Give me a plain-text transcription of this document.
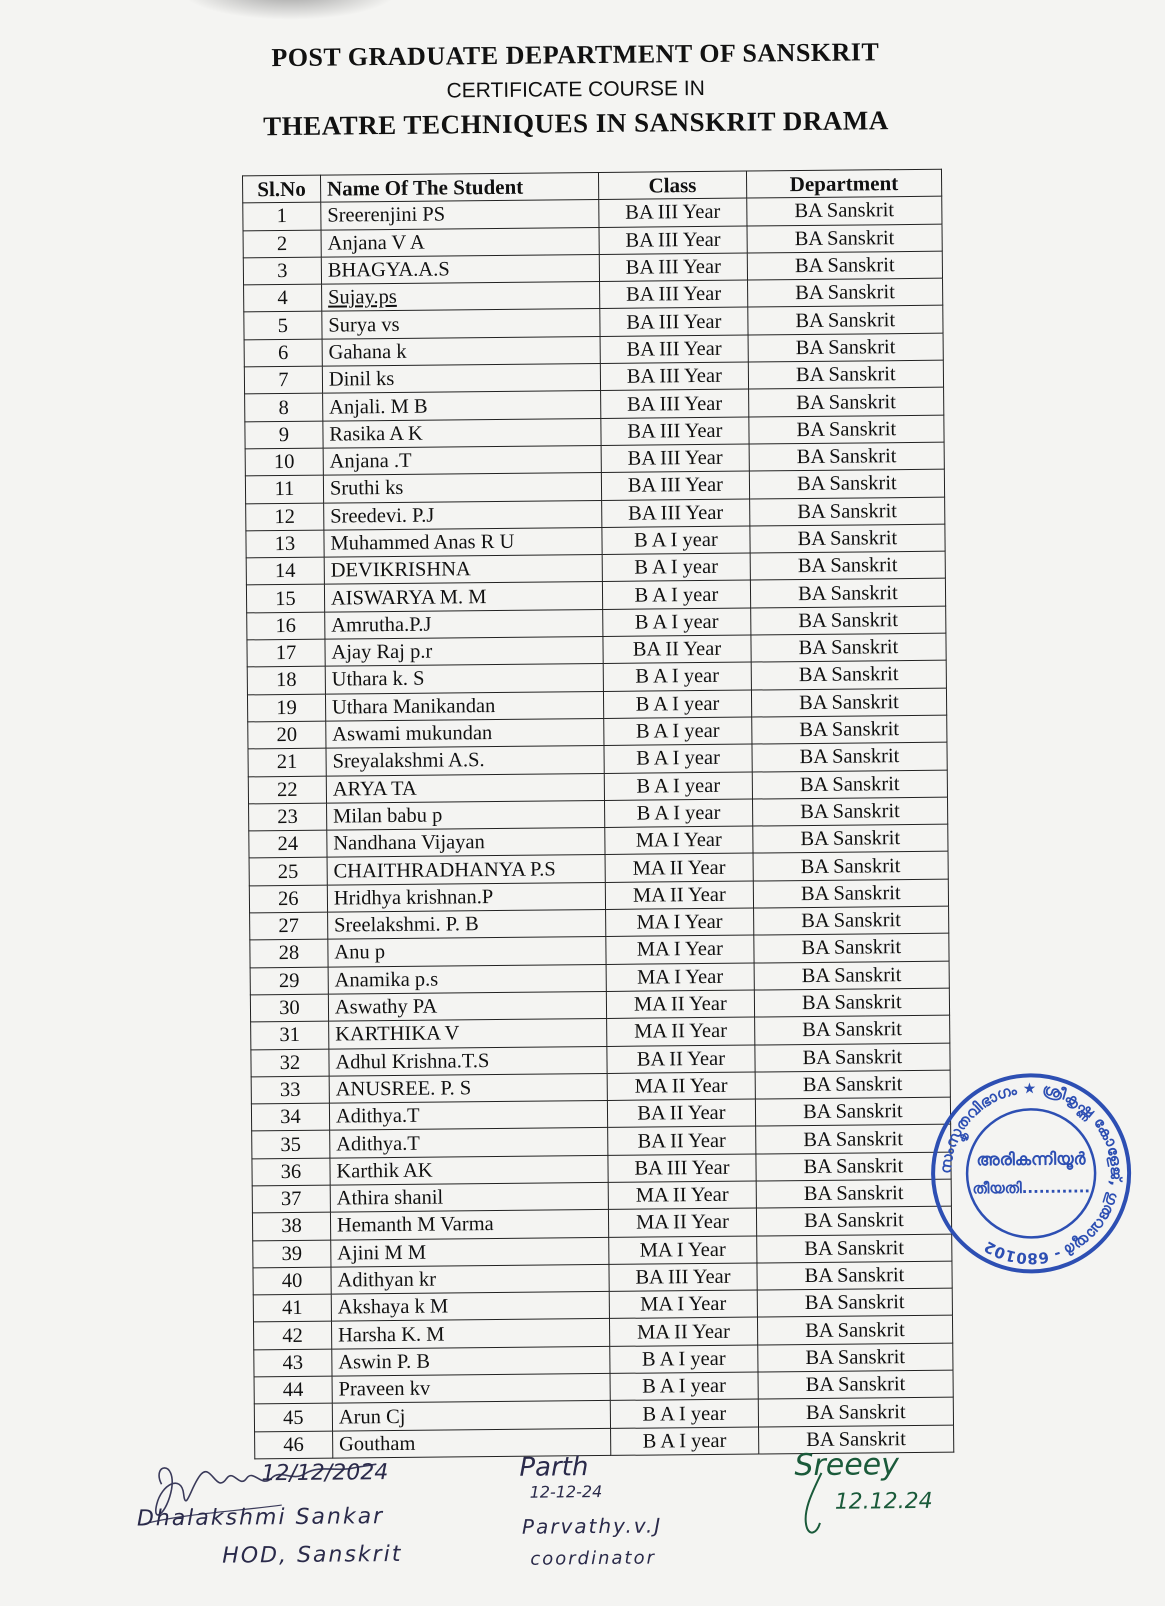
POST GRADUATE DEPARTMENT OF SANSKRIT
CERTIFICATE COURSE IN
THEATRE TECHNIQUES IN SANSKRIT DRAMA
Sl.No	Name Of The Student	Class	Department
1	Sreerenjini PS	BA III Year	BA Sanskrit
2	Anjana V A	BA III Year	BA Sanskrit
3	BHAGYA.A.S	BA III Year	BA Sanskrit
4	Sujay.ps	BA III Year	BA Sanskrit
5	Surya vs	BA III Year	BA Sanskrit
6	Gahana k	BA III Year	BA Sanskrit
7	Dinil ks	BA III Year	BA Sanskrit
8	Anjali. M B	BA III Year	BA Sanskrit
9	Rasika A K	BA III Year	BA Sanskrit
10	Anjana .T	BA III Year	BA Sanskrit
11	Sruthi ks	BA III Year	BA Sanskrit
12	Sreedevi. P.J	BA III Year	BA Sanskrit
13	Muhammed Anas R U	B A I year	BA Sanskrit
14	DEVIKRISHNA	B A I year	BA Sanskrit
15	AISWARYA M. M	B A I year	BA Sanskrit
16	Amrutha.P.J	B A I year	BA Sanskrit
17	Ajay Raj p.r	BA II Year	BA Sanskrit
18	Uthara k. S	B A I year	BA Sanskrit
19	Uthara Manikandan	B A I year	BA Sanskrit
20	Aswami mukundan	B A I year	BA Sanskrit
21	Sreyalakshmi A.S.	B A I year	BA Sanskrit
22	ARYA TA	B A I year	BA Sanskrit
23	Milan babu p	B A I year	BA Sanskrit
24	Nandhana Vijayan	MA I Year	BA Sanskrit
25	CHAITHRADHANYA P.S	MA II Year	BA Sanskrit
26	Hridhya krishnan.P	MA II Year	BA Sanskrit
27	Sreelakshmi. P. B	MA I Year	BA Sanskrit
28	Anu p	MA I Year	BA Sanskrit
29	Anamika p.s	MA I Year	BA Sanskrit
30	Aswathy PA	MA II Year	BA Sanskrit
31	KARTHIKA V	MA II Year	BA Sanskrit
32	Adhul Krishna.T.S	BA II Year	BA Sanskrit
33	ANUSREE. P. S	MA II Year	BA Sanskrit
34	Adithya.T	BA II Year	BA Sanskrit
35	Adithya.T	BA II Year	BA Sanskrit
36	Karthik AK	BA III Year	BA Sanskrit
37	Athira shanil	MA II Year	BA Sanskrit
38	Hemanth M Varma	MA II Year	BA Sanskrit
39	Ajini M M	MA I Year	BA Sanskrit
40	Adithyan kr	BA III Year	BA Sanskrit
41	Akshaya k M	MA I Year	BA Sanskrit
42	Harsha K. M	MA II Year	BA Sanskrit
43	Aswin P. B	B A I year	BA Sanskrit
44	Praveen kv	B A I year	BA Sanskrit
45	Arun Cj	B A I year	BA Sanskrit
46	Goutham	B A I year	BA Sanskrit
സംസ്കൃതവിഭാഗം ★ ശ്രീകൃഷ്ണ കോളേജ്, ഗുരുവായൂർ - 680102
അരികന്നിയൂർ
തീയതി............
12/12/2024
Dhalakshmi Sankar
HOD, Sanskrit
Parth
12-12-24
Parvathy.v.J
coordinator
Sreeey
12.12.24
